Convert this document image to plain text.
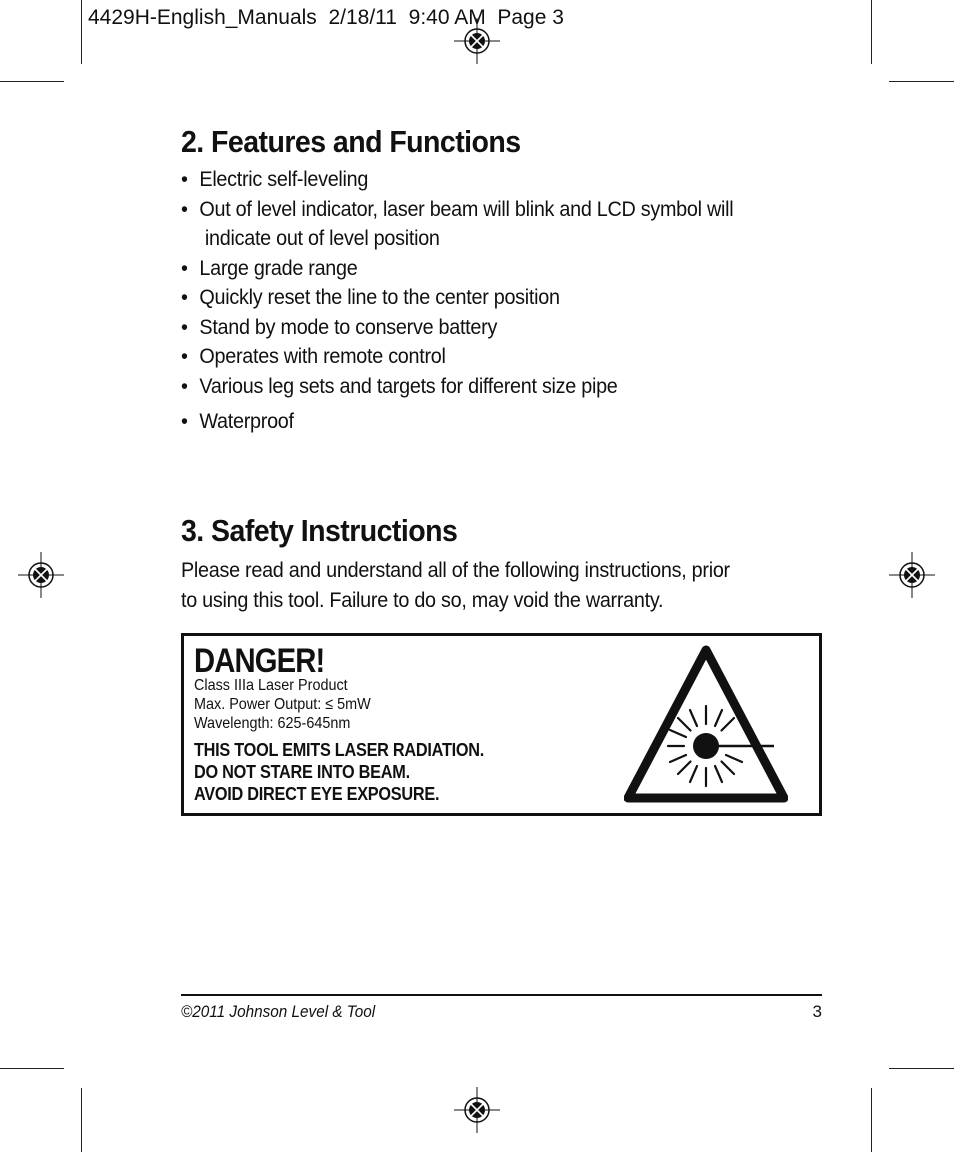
4429H-English_Manuals  2/18/11  9:40 AM  Page 3
2. Features and Functions
• Electric self-leveling
• Out of level indicator, laser beam will blink and LCD symbol will
indicate out of level position
• Large grade range
• Quickly reset the line to the center position
• Stand by mode to conserve battery
• Operates with remote control
• Various leg sets and targets for different size pipe
• Waterproof
3. Safety Instructions

Please read and understand all of the following instructions, prior
to using this tool. Failure to do so, may void the warranty.

DANGER!
Class IIIa Laser Product
Max. Power Output: ≤ 5mW
Wavelength: 625-645nm
THIS TOOL EMITS LASER RADIATION.
DO NOT STARE INTO BEAM.
AVOID DIRECT EYE EXPOSURE.
©2011 Johnson Level & Tool	3
